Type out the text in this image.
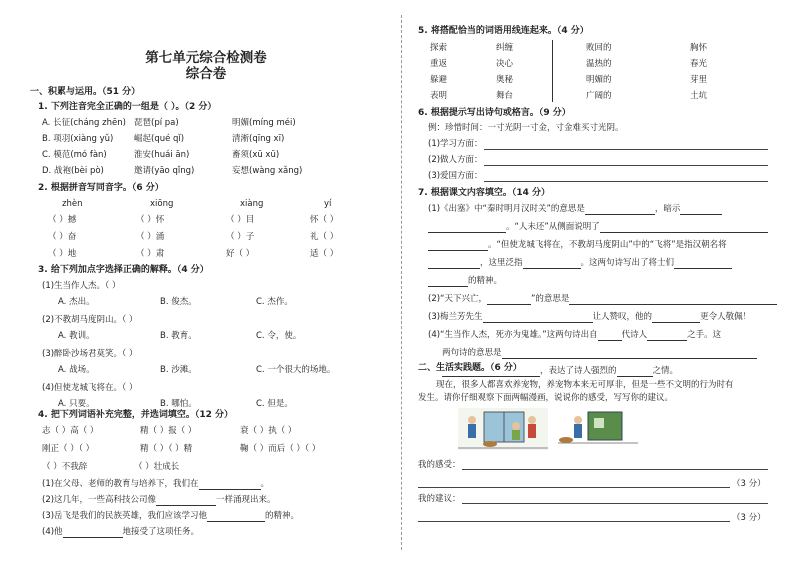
第七单元综合检测卷
综合卷
一、积累与运用。（51 分）
1. 下列注音完全正确的一组是（ ）。（2 分）
A. 长征(cháng zhēn) 琵琶(pí pa)	明媚(míng méi)
B. 项羽(xiàng yǔ) 崛起(qué qǐ)	清淅(qīng xī)
C. 模范(mó fàn)	淮安(huái ān)	畜须(xū xū)
D. 战袍(bèi pò)	邀请(yāo qǐng)	妄想(wàng xǎng)
2. 根据拼音写同音字。（6 分）
zhèn	xiōng	xiàng	yí
（ ）撼	（ ）怀	（ ）目	怀（ ）
（ ）奋	（ ）涌	（ ）子	礼（ ）
（ ）地	（ ）肃	好（ ）	适（ ）
3. 给下列加点字选择正确的解释。（4 分）
(1)生当作人杰。（ ）
A. 杰出。	B. 俊杰。	C. 杰作。
(2)不教胡马度阴山。（ ）
A. 教训。	B. 教育。	C. 令，使。
(3)醉卧沙场君莫笑。（ ）
A. 战场。	B. 沙滩。	C. 一个很大的场地。
(4)但使龙城飞将在。（ ）
A. 只要。	B. 哪怕。	C. 但是。
4. 把下列词语补充完整，并选词填空。（12 分）
志（ ）高（ ）	精（ ）报（ ）	衰（ ）执（ ）
刚正（ ）（ ）	精（ ）（ ）精	鞠（ ）而后（ ）（ ）
（ ）不我辞	（ ）壮成长
(1)在父母、老师的教育与培养下，我们在	。
(2)这几年，一些高科技公司像	一样涌现出来。
(3)岳飞是我们的民族英雄，我们应该学习他	的精神。
(4)他	地接受了这项任务。
5. 将搭配恰当的词语用线连起来。（4 分）
探索	纠缠
重返	决心
躲避	奥秘
表明	舞台
败回的	胸怀
温热的	春光
明媚的	芽里
广阔的	土坑
6. 根据提示写出诗句或格言。（9 分）
例：珍惜时间：一寸光阴一寸金，寸金难买寸光阴。
(1)学习方面：
(2)做人方面：
(3)爱国方面：
7. 根据课文内容填空。（14 分）
(1)《出塞》中“秦时明月汉时关”的意思是	，暗示
。“人未还”从侧面说明了
。“但使龙城飞将在，不教胡马度阴山”中的“飞将”是指汉朝名将
，这里泛指	。这两句诗写出了将士们
的精神。
(2)“天下兴亡，	”的意思是
(3)梅兰芳先生	让人赞叹，他的	更令人敬佩！
(4)“生当作人杰，死亦为鬼雄。”这两句诗出自	代诗人	之手。这
两句诗的意思是
，表达了诗人强烈的	之情。
二、生活实践题。（6 分）
现在，很多人都喜欢养宠物，养宠物本来无可厚非，但是一些不文明的行为时有
发生。请你仔细观察下面两幅漫画，说说你的感受，写写你的建议。
我的感受：
（3 分）
我的建议：
（3 分）
